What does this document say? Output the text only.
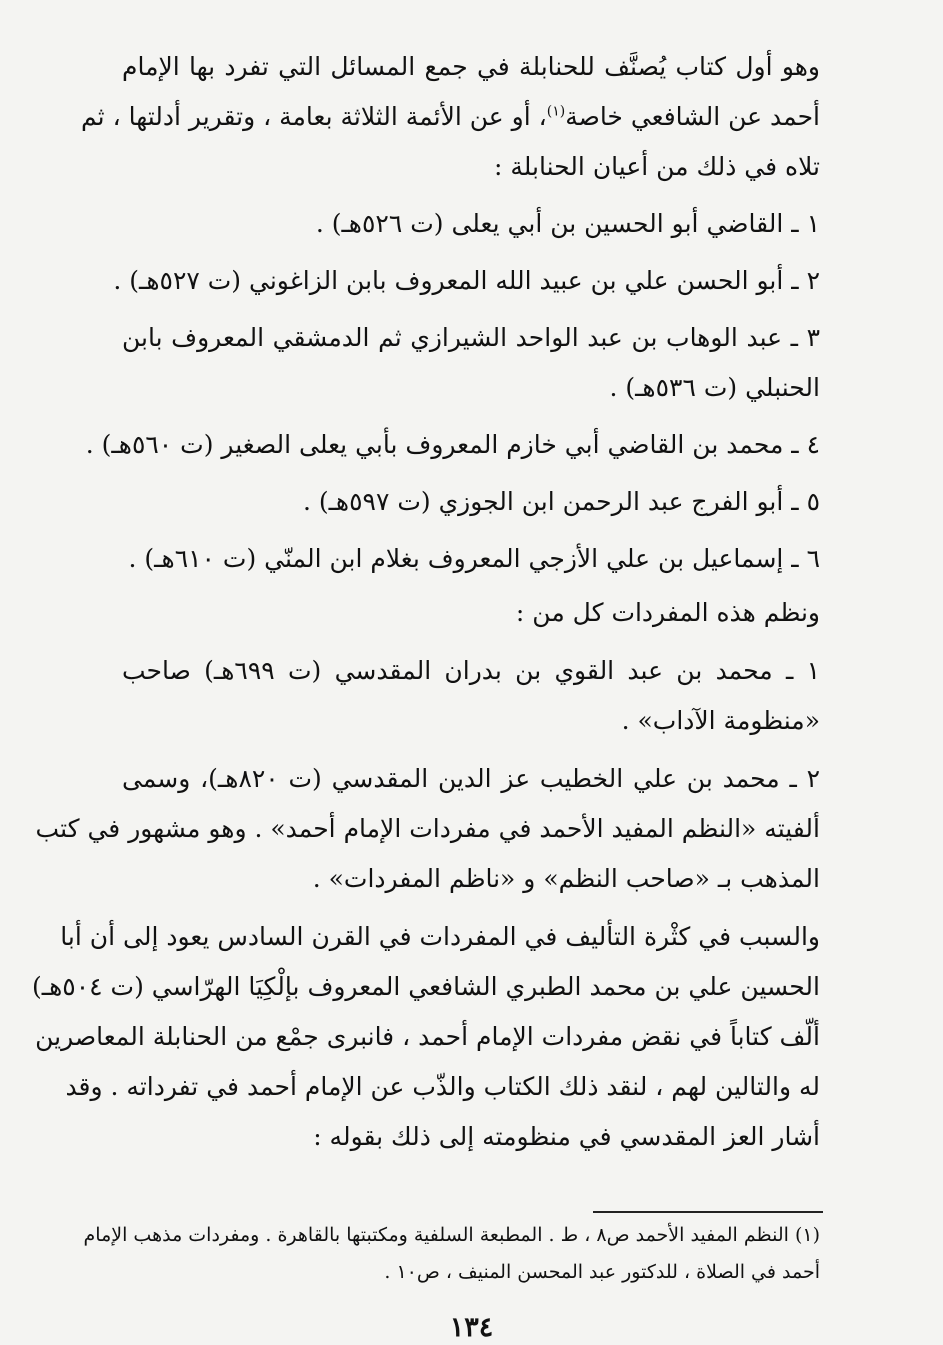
وهو أول كتاب يُصنَّف للحنابلة في جمع المسائل التي تفرد بها الإمام
أحمد عن الشافعي خاصة$^{(١)}$، أو عن الأئمة الثلاثة بعامة ، وتقرير أدلتها ، ثم
تلاه في ذلك من أعيان الحنابلة :
١ ـ القاضي أبو الحسين بن أبي يعلى (ت ٥٢٦هـ) .
٢ ـ أبو الحسن علي بن عبيد الله المعروف بابن الزاغوني (ت ٥٢٧هـ) .
٣ ـ عبد الوهاب بن عبد الواحد الشيرازي ثم الدمشقي المعروف بابن
الحنبلي (ت ٥٣٦هـ) .
٤ ـ محمد بن القاضي أبي خازم المعروف بأبي يعلى الصغير (ت ٥٦٠هـ) .
٥ ـ أبو الفرج عبد الرحمن ابن الجوزي (ت ٥٩٧هـ) .
٦ ـ إسماعيل بن علي الأزجي المعروف بغلام ابن المنّي (ت ٦١٠هـ) .
ونظم هذه المفردات كل من :
١ ـ محمد بن عبد القوي بن بدران المقدسي (ت ٦٩٩هـ) صاحب
«منظومة الآداب» .
٢ ـ محمد بن علي الخطيب عز الدين المقدسي (ت ٨٢٠هـ)، وسمى
ألفيته «النظم المفيد الأحمد في مفردات الإمام أحمد» . وهو مشهور في كتب
المذهب بـ «صاحب النظم» و «ناظم المفردات» .
والسبب في كثْرة التأليف في المفردات في القرن السادس يعود إلى أن أبا
الحسين علي بن محمد الطبري الشافعي المعروف بإلْكِيَا الهرّاسي (ت ٥٠٤هـ)
ألّف كتاباً في نقض مفردات الإمام أحمد ، فانبرى جمْع من الحنابلة المعاصرين
له والتالين لهم ، لنقد ذلك الكتاب والذّب عن الإمام أحمد في تفرداته . وقد
أشار العز المقدسي في منظومته إلى ذلك بقوله :
(١) النظم المفيد الأحمد ص٨ ، ط . المطبعة السلفية ومكتبتها بالقاهرة . ومفردات مذهب الإمام
أحمد في الصلاة ، للدكتور عبد المحسن المنيف ، ص١٠ .
١٣٤
